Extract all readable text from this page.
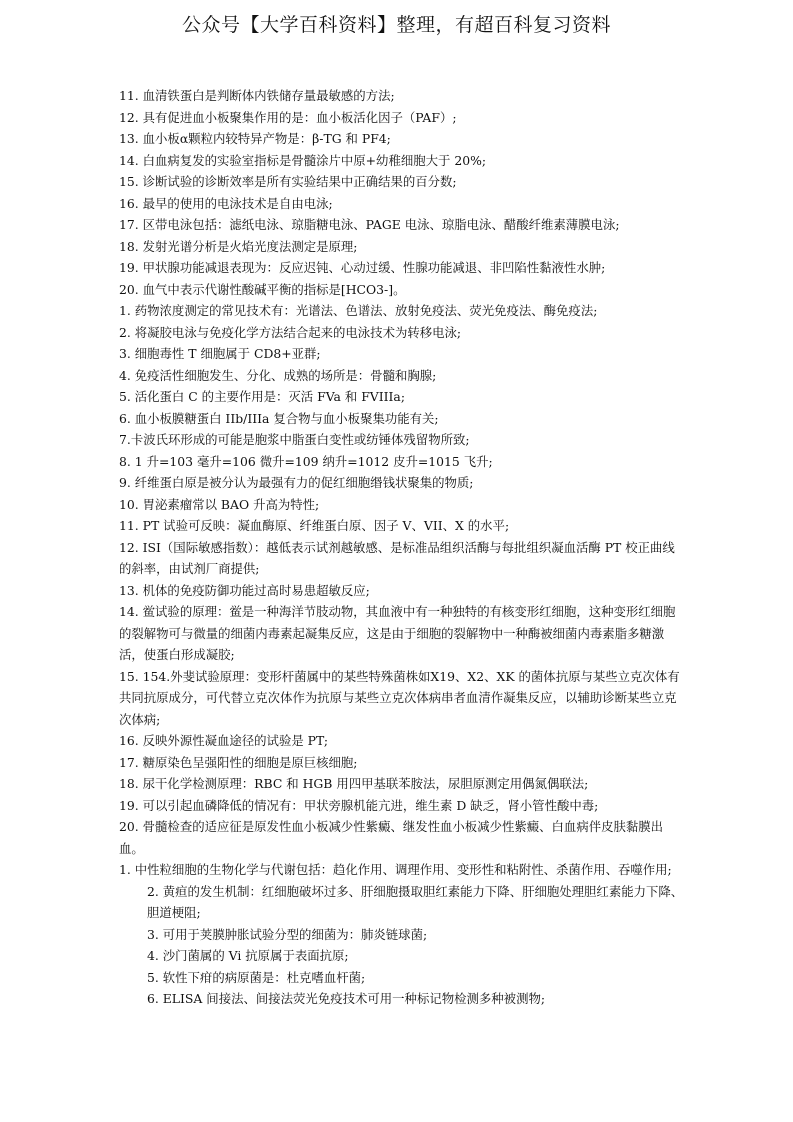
公众号【大学百科资料】整理，有超百科复习资料
11. 血清铁蛋白是判断体内铁储存量最敏感的方法;
12. 具有促进血小板聚集作用的是：血小板活化因子（PAF）;
13. 血小板α颗粒内较特异产物是：β-TG 和 PF4;
14. 白血病复发的实验室指标是骨髓涂片中原+幼稚细胞大于 20%;
15. 诊断试验的诊断效率是所有实验结果中正确结果的百分数;
16. 最早的使用的电泳技术是自由电泳;
17. 区带电泳包括：滤纸电泳、琼脂糖电泳、PAGE 电泳、琼脂电泳、醋酸纤维素薄膜电泳;
18. 发射光谱分析是火焰光度法测定是原理;
19. 甲状腺功能减退表现为：反应迟钝、心动过缓、性腺功能减退、非凹陷性黏液性水肿;
20. 血气中表示代谢性酸碱平衡的指标是[HCO3-]。
1. 药物浓度测定的常见技术有：光谱法、色谱法、放射免疫法、荧光免疫法、酶免疫法;
2. 将凝胶电泳与免疫化学方法结合起来的电泳技术为转移电泳;
3. 细胞毒性 T 细胞属于 CD8+亚群;
4. 免疫活性细胞发生、分化、成熟的场所是：骨髓和胸腺;
5. 活化蛋白 C 的主要作用是：灭活 FVa 和 FVIIIa;
6. 血小板膜糖蛋白 IIb/IIIa 复合物与血小板聚集功能有关;
7.卡波氏环形成的可能是胞浆中脂蛋白变性或纺锤体残留物所致;
8. 1 升=103 毫升=106 微升=109 纳升=1012 皮升=1015 飞升;
9. 纤维蛋白原是被分认为最强有力的促红细胞缗钱状聚集的物质;
10. 胃泌素瘤常以 BAO 升高为特性;
11. PT 试验可反映：凝血酶原、纤维蛋白原、因子 V、VII、X 的水平;
12. ISI（国际敏感指数）：越低表示试剂越敏感、是标准品组织活酶与每批组织凝血活酶 PT 校正曲线的斜率，由试剂厂商提供;
13. 机体的免疫防御功能过高时易患超敏反应;
14. 鲎试验的原理：鲎是一种海洋节肢动物，其血液中有一种独特的有核变形红细胞，这种变形红细胞的裂解物可与微量的细菌内毒素起凝集反应，这是由于细胞的裂解物中一种酶被细菌内毒素脂多糖激活，使蛋白形成凝胶;
15. 154.外斐试验原理：变形杆菌属中的某些特殊菌株如X19、X2、XK 的菌体抗原与某些立克次体有共同抗原成分，可代替立克次体作为抗原与某些立克次体病串者血清作凝集反应，以辅助诊断某些立克次体病;
16. 反映外源性凝血途径的试验是 PT;
17. 糖原染色呈强阳性的细胞是原巨核细胞;
18. 尿干化学检测原理：RBC 和 HGB 用四甲基联苯胺法，尿胆原测定用偶氮偶联法;
19. 可以引起血磷降低的情况有：甲状旁腺机能亢进，维生素 D 缺乏，肾小管性酸中毒;
20. 骨髓检查的适应征是原发性血小板减少性紫癜、继发性血小板减少性紫癜、白血病伴皮肤黏膜出血。
1. 中性粒细胞的生物化学与代谢包括：趋化作用、调理作用、变形性和粘附性、杀菌作用、吞噬作用;
2. 黄疸的发生机制：红细胞破坏过多、肝细胞摄取胆红素能力下降、肝细胞处理胆红素能力下降、胆道梗阻;
3. 可用于荚膜肿胀试验分型的细菌为：肺炎链球菌;
4. 沙门菌属的 Vi 抗原属于表面抗原;
5. 软性下疳的病原菌是：杜克嗜血杆菌;
6. ELISA 间接法、间接法荧光免疫技术可用一种标记物检测多种被测物;
